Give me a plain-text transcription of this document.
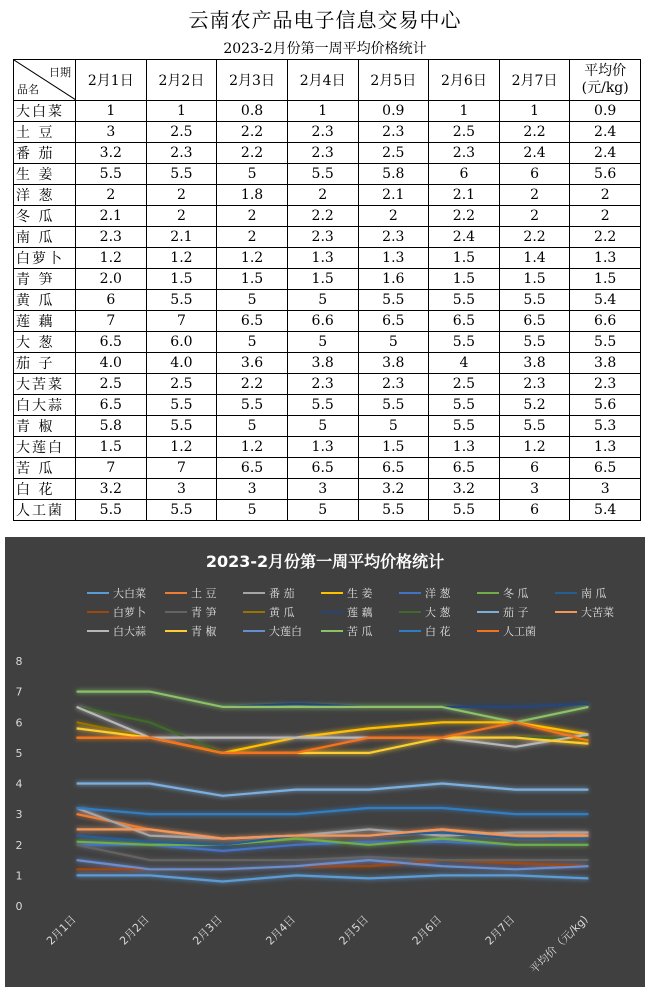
云南农产品电子信息交易中心
2023-2月份第一周平均价格统计
日期
品名	2月1日	2月2日	2月3日	2月4日	2月5日	2月6日	2月7日	平均价
(元/kg)

大白菜	1	1	0.8	1	0.9	1	1	0.9
土 豆	3	2.5	2.2	2.3	2.3	2.5	2.2	2.4
番 茄	3.2	2.3	2.2	2.3	2.5	2.3	2.4	2.4
生 姜	5.5	5.5	5	5.5	5.8	6	6	5.6
洋 葱	2	2	1.8	2	2.1	2.1	2	2
冬 瓜	2.1	2	2	2.2	2	2.2	2	2
南 瓜	2.3	2.1	2	2.3	2.3	2.4	2.2	2.2
白萝卜	1.2	1.2	1.2	1.3	1.3	1.5	1.4	1.3
青 笋	2.0	1.5	1.5	1.5	1.6	1.5	1.5	1.5
黄 瓜	6	5.5	5	5	5.5	5.5	5.5	5.4
莲 藕	7	7	6.5	6.6	6.5	6.5	6.5	6.6
大 葱	6.5	6.0	5	5	5	5.5	5.5	5.5
茄 子	4.0	4.0	3.6	3.8	3.8	4	3.8	3.8
大苦菜	2.5	2.5	2.2	2.3	2.3	2.5	2.3	2.3
白大蒜	6.5	5.5	5.5	5.5	5.5	5.5	5.2	5.6
青 椒	5.8	5.5	5	5	5	5.5	5.5	5.3
大莲白	1.5	1.2	1.2	1.3	1.5	1.3	1.2	1.3
苦 瓜	7	7	6.5	6.5	6.5	6.5	6	6.5
白 花	3.2	3	3	3	3.2	3.2	3	3
人工菌	5.5	5.5	5	5	5.5	5.5	6	5.4
2023-2月份第一周平均价格统计
大白菜	土 豆	番 茄	生 姜	洋 葱	冬 瓜	南 瓜
白萝卜	青 笋	黄 瓜	莲 藕	大 葱	茄 子	大苦菜
白大蒜	青 椒	大莲白	苦 瓜	白 花	人工菌
0
1
2
3
4
5
6
7
8
2月1日	2月2日	2月3日	2月4日	2月5日	2月6日	2月7日 平均价（元/kg)
